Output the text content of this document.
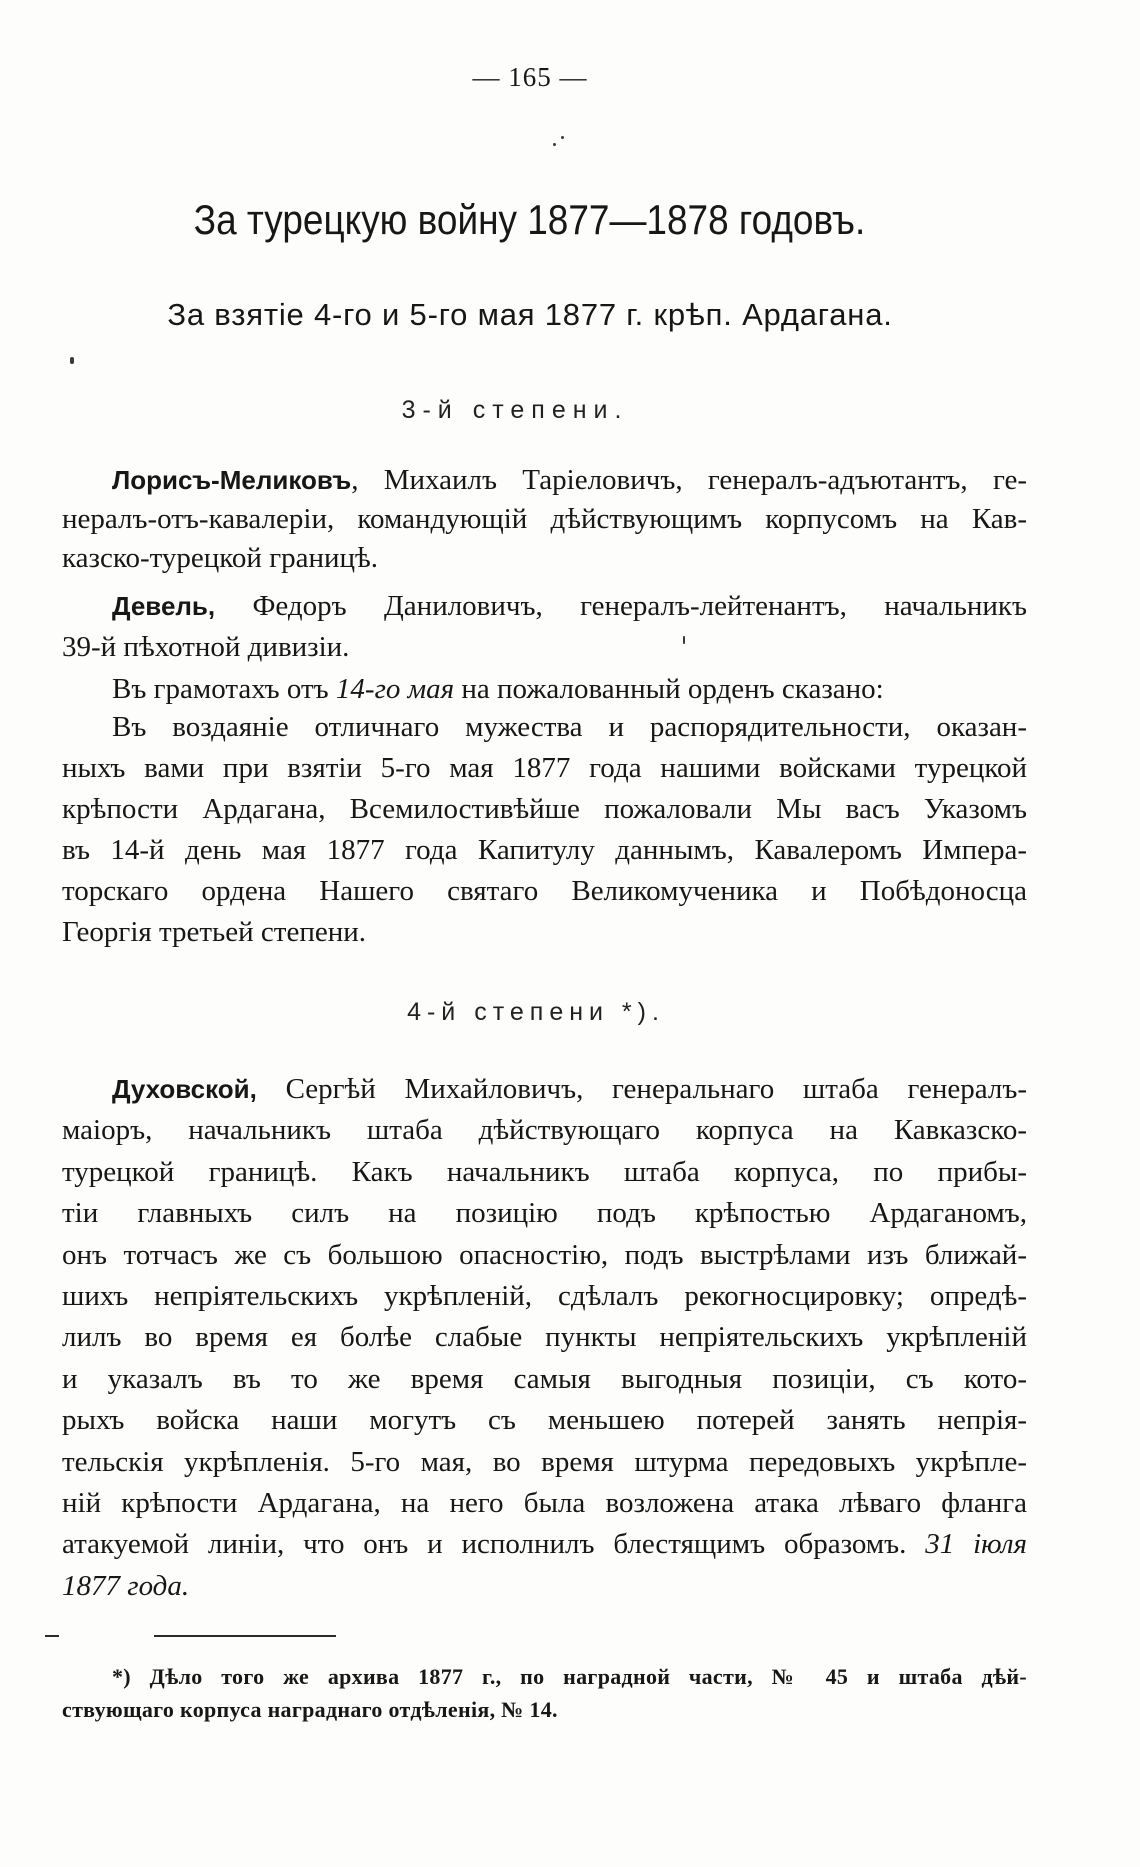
— 165 —
За турецкую войну 1877—1878 годовъ.
За взятіе 4-го и 5-го мая 1877 г. крѣп. Ардагана.
3-й степени.
Лорисъ-Меликовъ, Михаилъ Таріеловичъ, генералъ-адъютантъ, ге-
нералъ-отъ-кавалеріи, командующій дѣйствующимъ корпусомъ на Кав-
казско-турецкой границѣ.
Девель, Федоръ Даниловичъ, генералъ-лейтенантъ, начальникъ
39-й пѣхотной дивизіи.
Въ грамотахъ отъ 14-го мая на пожалованный орденъ сказано:
Въ воздаяніе отличнаго мужества и распорядительности, оказан-
ныхъ вами при взятіи 5-го мая 1877 года нашими войсками турецкой
крѣпости Ардагана, Всемилостивѣйше пожаловали Мы васъ Указомъ
въ 14-й день мая 1877 года Капитулу даннымъ, Кавалеромъ Импера-
торскаго ордена Нашего святаго Великомученика и Побѣдоносца
Георгія третьей степени.
4-й степени *).
Духовской, Сергѣй Михайловичъ, генеральнаго штаба генералъ-
маіоръ, начальникъ штаба дѣйствующаго корпуса на Кавказско-
турецкой границѣ. Какъ начальникъ штаба корпуса, по прибы-
тіи главныхъ силъ на позицію подъ крѣпостью Ардаганомъ,
онъ тотчасъ же съ большою опасностію, подъ выстрѣлами изъ ближай-
шихъ непріятельскихъ укрѣпленій, сдѣлалъ рекогносцировку; опредѣ-
лилъ во время ея болѣе слабые пункты непріятельскихъ укрѣпленій
и указалъ въ то же время самыя выгодныя позиціи, съ кото-
рыхъ войска наши могутъ съ меньшею потерей занять непрія-
тельскія укрѣпленія. 5-го мая, во время штурма передовыхъ укрѣпле-
ній крѣпости Ардагана, на него была возложена атака лѣваго фланга
атакуемой линіи, что онъ и исполнилъ блестящимъ образомъ. 31 іюля
1877 года.
*) Дѣло того же архива 1877 г., по наградной части, № 45 и штаба дѣй-
ствующаго корпуса награднаго отдѣленія, № 14.
